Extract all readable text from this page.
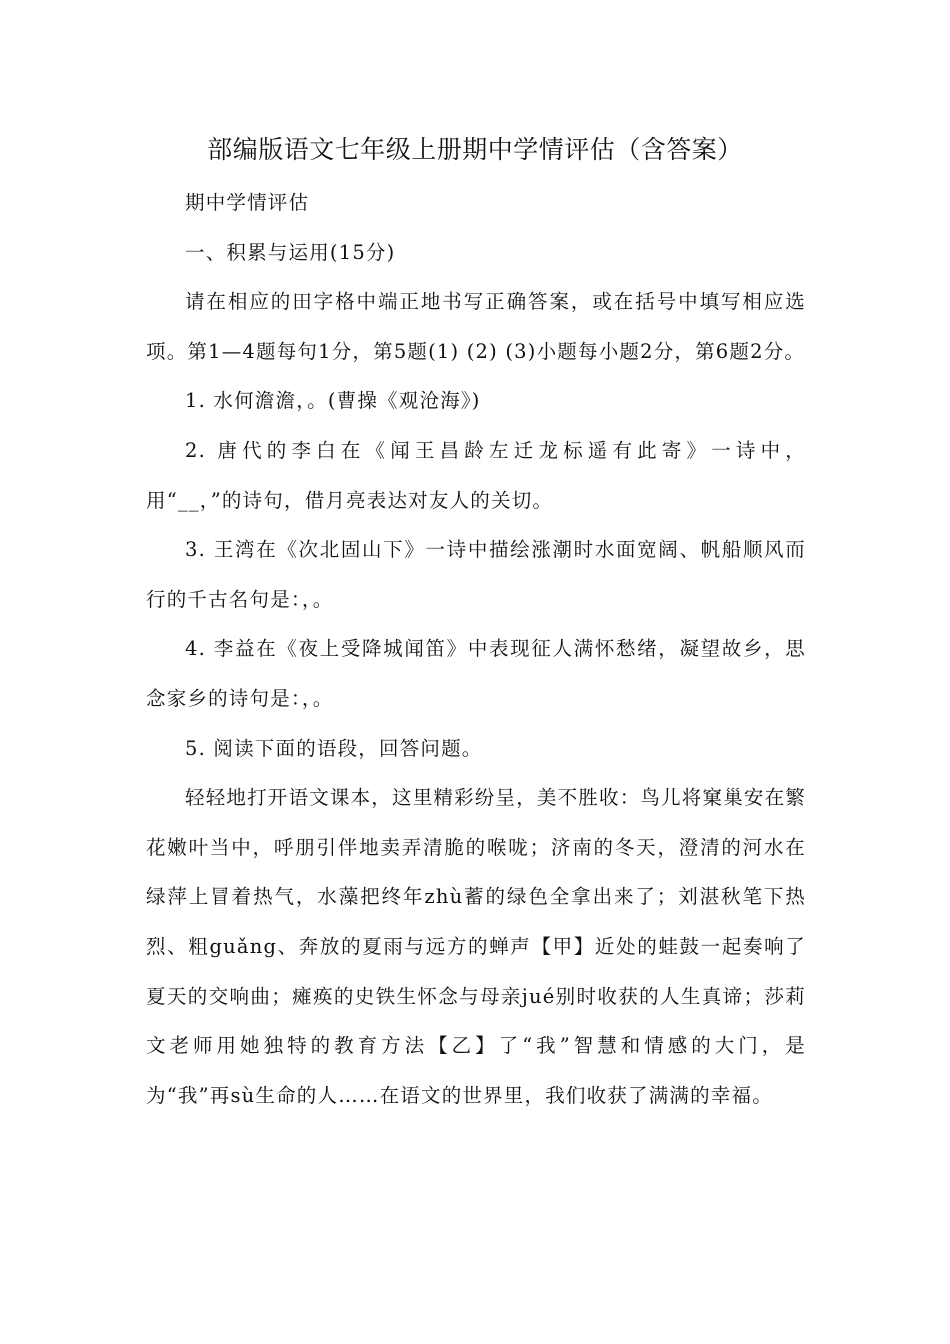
部编版语文七年级上册期中学情评估（含答案）

期中学情评估

一、积累与运用(15分)

请在相应的田字格中端正地书写正确答案，或在括号中填写相应选项。第1—4题每句1分，第5题(1) (2) (3)小题每小题2分，第6题2分。

1. 水何澹澹，。(曹操《观沧海》)

2. 唐代的李白在《闻王昌龄左迁龙标遥有此寄》一诗中，用“__，”的诗句，借月亮表达对友人的关切。

3. 王湾在《次北固山下》一诗中描绘涨潮时水面宽阔、帆船顺风而行的千古名句是：，。

4. 李益在《夜上受降城闻笛》中表现征人满怀愁绪，凝望故乡，思念家乡的诗句是：，。

5. 阅读下面的语段，回答问题。

轻轻地打开语文课本，这里精彩纷呈，美不胜收：鸟儿将窠巢安在繁花嫩叶当中，呼朋引伴地卖弄清脆的喉咙；济南的冬天，澄清的河水在绿萍上冒着热气，水藻把终年zhù蓄的绿色全拿出来了；刘湛秋笔下热烈、粗guǎng、奔放的夏雨与远方的蝉声【甲】近处的蛙鼓一起奏响了夏天的交响曲；瘫痪的史铁生怀念与母亲jué别时收获的人生真谛；莎莉文老师用她独特的教育方法【乙】了“我”智慧和情感的大门，是为“我”再sù生命的人……在语文的世界里，我们收获了满满的幸福。
